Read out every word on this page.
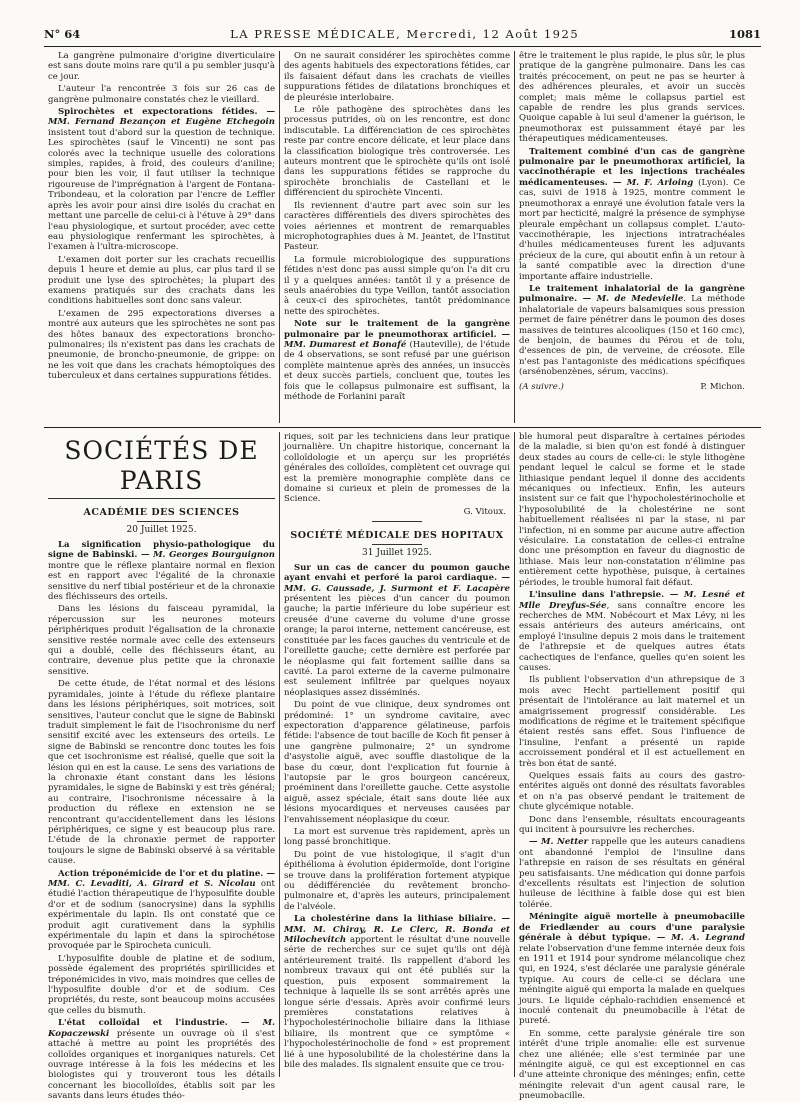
N° 64	LA PRESSE MÉDICALE, Mercredi, 12 Août 1925	1081

La gangrène pulmonaire d'origine diverticulaire est sans doute moins rare qu'il a pu sembler jusqu'à ce jour.

L'auteur l'a rencontrée 3 fois sur 26 cas de gangrène pulmonaire constatés chez le vieillard.

Spirochètes et expectorations fétides. — MM. Fernand Bezançon et Eugène Etchegoin insistent tout d'abord sur la question de technique. Les spirochètes (sauf le Vincenti) ne sont pas colorés avec la technique usuelle des colorations simples, rapides, à froid, des couleurs d'aniline; pour bien les voir, il faut utiliser la technique rigoureuse de l'imprégnation à l'argent de Fontana-Tribondeau, et la coloration par l'encre de Leffler après les avoir pour ainsi dire isolés du crachat en mettant une parcelle de celui-ci à l'étuve à 29° dans l'eau physiologique, et surtout procéder, avec cette eau physiologique renfermant les spirochètes, à l'examen à l'ultra-microscope.

L'examen doit porter sur les crachats recueillis depuis 1 heure et demie au plus, car plus tard il se produit une lyse des spirochètes; la plupart des examens pratiqués sur des crachats dans les conditions habituelles sont donc sans valeur.

L'examen de 295 expectorations diverses a montré aux auteurs que les spirochètes ne sont pas des hôtes banaux des expectorations broncho-pulmonaires; ils n'existent pas dans les crachats de pneumonie, de broncho-pneumonie, de grippe: on ne les voit que dans les crachats hémoptoïques des tuberculeux et dans certaines suppurations fétides.

On ne saurait considérer les spirochètes comme des agents habituels des expectorations fétides, car ils faisaient défaut dans les crachats de vieilles suppurations fétides de dilatations bronchiques et de pleurésie interlobaire.

Le rôle pathogène des spirochètes dans les processus putrides, où on les rencontre, est donc indiscutable. La différenciation de ces spirochètes reste par contre encore délicate, et leur place dans la classification biologique très controversée. Les auteurs montrent que le spirochète qu'ils ont isolé dans les suppurations fétides se rapproche du spirochète bronchialis de Castellani et le différencient du spirochète Vincenti.

Ils reviennent d'autre part avec soin sur les caractères différentiels des divers spirochètes des voies aériennes et montrent de remarquables microphotographies dues à M. Jeantet, de l'Institut Pasteur.

La formule microbiologique des suppurations fétides n'est donc pas aussi simple qu'on l'a dit cru il y a quelques années: tantôt il y a présence de seuls anaérobies du type Veillon, tantôt association à ceux-ci des spirochètes, tantôt prédominance nette des spirochètes.

Note sur le traitement de la gangrène pulmonaire par le pneumothorax artificiel. — MM. Dumarest et Bonafé (Hauteville), de l'étude de 4 observations, se sont refusé par une guérison complète maintenue après des années, un insuccès et deux succès partiels, concluent que, toutes les fois que le collapsus pulmonaire est suffisant, la méthode de Forlanini paraît

être le traitement le plus rapide, le plus sûr, le plus pratique de la gangrène pulmonaire. Dans les cas traités précocement, on peut ne pas se heurter à des adhérences pleurales, et avoir un succès complet; mais même le collapsus partiel est capable de rendre les plus grands services. Quoique capable à lui seul d'amener la guérison, le pneumothorax est puissamment étayé par les thérapeutiques médicamenteuses.

Traitement combiné d'un cas de gangrène pulmonaire par le pneumothorax artificiel, la vaccinothérapie et les injections trachéales médicamenteuses. — M. F. Arloing (Lyon). Ce cas, suivi de 1918 à 1925, montre comment le pneumothorax a enrayé une évolution fatale vers la mort par hecticité, malgré la présence de symphyse pleurale empêchant un collapsus complet. L'auto-vaccinothérapie, les injections intratrachéales d'huiles médicamenteuses furent les adjuvants précieux de la cure, qui aboutit enfin à un retour à la santé compatible avec la direction d'une importante affaire industrielle.

Le traitement inhalatorial de la gangrène pulmonaire. — M. de Medevielle. La méthode inhalatoriale de vapeurs balsamiques sous pression permet de faire pénétrer dans le poumon des doses massives de teintures alcooliques (150 et 160 cmc), de benjoin, de baumes du Pérou et de tolu, d'essences de pin, de verveine, de créosote. Elle n'est pas l'antagoniste des médications spécifiques (arsénobenzènes, sérum, vaccins).

(A suivre.)	P. Michon.
SOCIÉTÉS DE PARIS
ACADÉMIE DES SCIENCES
20 Juillet 1925.

La signification physio-pathologique du signe de Babinski. — M. Georges Bourguignon montre que le réflexe plantaire normal en flexion est en rapport avec l'égalité de la chronaxie sensitive du nerf tibial postérieur et de la chronaxie des fléchisseurs des orteils.

Dans les lésions du faisceau pyramidal, la répercussion sur les neurones moteurs périphériques produit l'égalisation de la chronaxie sensitive restée normale avec celle des extenseurs qui a doublé, celle des fléchisseurs étant, au contraire, devenue plus petite que la chronaxie sensitive.

De cette étude, de l'état normal et des lésions pyramidales, jointe à l'étude du réflexe plantaire dans les lésions périphériques, soit motrices, soit sensitives, l'auteur conclut que le signe de Babinski traduit simplement le fait de l'isochronisme du nerf sensitif excité avec les extenseurs des orteils. Le signe de Babinski se rencontre donc toutes les fois que cet isochronisme est réalisé, quelle que soit la lésion qui en est la cause. Le sens des variations de la chronaxie étant constant dans les lésions pyramidales, le signe de Babinski y est très général; au contraire, l'isochronisme nécessaire à la production du réflexe en extension ne se rencontrant qu'accidentellement dans les lésions périphériques, ce signe y est beaucoup plus rare. L'étude de la chronaxie permet de rapporter toujours le signe de Babinski observé à sa véritable cause.

Action tréponémicide de l'or et du platine. — MM. C. Levaditi, A. Girard et S. Nicolau ont étudié l'action thérapeutique de l'hyposulfite double d'or et de sodium (sanocrysine) dans la syphilis expérimentale du lapin. Ils ont constaté que ce produit agit curativement dans la syphilis expérimentale du lapin et dans la spirochétose provoquée par le Spirocheta cuniculi.

L'hyposulfite double de platine et de sodium, possède également des propriétés spirillicides et tréponémicides in vivo, mais moindres que celles de l'hyposulfite double d'or et de sodium. Ces propriétés, du reste, sont beaucoup moins accusées que celles du bismuth.

L'état colloïdal et l'industrie. — M. Kopaczewski présente un ouvrage où il s'est attaché à mettre au point les propriétés des colloïdes organiques et inorganiques naturels. Cet ouvrage intéresse à la fois les médecins et les biologistes qui y trouveront tous les détails concernant les biocolloïdes, établis soit par les savants dans leurs études théo-

riques, soit par les techniciens dans leur pratique journalière. Un chapitre historique, concernant la colloïdologie et un aperçu sur les propriétés générales des colloïdes, complètent cet ouvrage qui est la première monographie complète dans ce domaine si curieux et plein de promesses de la Science.

G. Vitoux.
SOCIÉTÉ MÉDICALE DES HOPITAUX
31 Juillet 1925.

Sur un cas de cancer du poumon gauche ayant envahi et perforé la paroi cardiaque. — MM. G. Caussade, J. Surmont et F. Lacapère présentent les pièces d'un cancer du poumon gauche; la partie inférieure du lobe supérieur est creusée d'une caverne du volume d'une grosse orange; la paroi interne, nettement cancéreuse, est constituée par les faces gauches du ventricule et de l'oreillette gauche; cette dernière est perforée par le néoplasme qui fait fortement saillie dans sa cavité. La paroi externe de la caverne pulmonaire est seulement infiltrée par quelques noyaux néoplasiques assez disséminés.

Du point de vue clinique, deux syndromes ont prédominé: 1° un syndrome cavitaire, avec expectoration d'apparence gélatineuse, parfois fétide: l'absence de tout bacille de Koch fit penser à une gangrène pulmonaire; 2° un syndrome d'asystolie aiguë, avec souffle diastolique de la base du cœur, dont l'explication fut fournie à l'autopsie par le gros bourgeon cancéreux, proéminent dans l'oreillette gauche. Cette asystolie aiguë, assez spéciale, était sans doute liée aux lésions myocardiques et nerveuses causées par l'envahissement néoplasique du cœur.

La mort est survenue très rapidement, après un long passé bronchitique.

Du point de vue histologique, il s'agit d'un épithélioma à évolution épidermoïde, dont l'origine se trouve dans la prolifération fortement atypique ou dédifférenciée du revêtement broncho-pulmonaire et, d'après les auteurs, principalement de l'alvéole.

La cholestérine dans la lithiase biliaire. — MM. M. Chiray, R. Le Clerc, R. Bonda et Milochevitch apportent le résultat d'une nouvelle série de recherches sur ce sujet qu'ils ont déjà antérieurement traité. Ils rappellent d'abord les nombreux travaux qui ont été publiés sur la question, puis exposent sommairement la technique à laquelle ils se sont arrêtés après une longue série d'essais. Après avoir confirmé leurs premières constatations relatives à l'hypocholestérinocholie biliaire dans la lithiase biliaire, ils montrent que ce symptôme « l'hypocholestérinocholie de fond » est proprement lié à une hyposolubilité de la cholestérine dans la bile des malades. Ils signalent ensuite que ce trou-

ble humoral peut disparaître à certaines périodes de la maladie, si bien qu'on est fondé à distinguer deux stades au cours de celle-ci: le style lithogène pendant lequel le calcul se forme et le stade lithiasique pendant lequel il donne des accidents mécaniques ou infectieux. Enfin, les auteurs insistent sur ce fait que l'hypocholestérinocholie et l'hyposolubilité de la cholestérine ne sont habituellement réalisées ni par la stase, ni par l'infection, ni en somme par aucune autre affection vésiculaire. La constatation de celles-ci entraîne donc une présomption en faveur du diagnostic de lithiase. Mais leur non-constatation n'élimine pas entièrement cette hypothèse, puisque, à certaines périodes, le trouble humoral fait défaut.

L'insuline dans l'athrepsie. — M. Lesné et Mlle Dreyfus-Sée, sans connaître encore les recherches de MM. Nobécourt et Max Lévy, ni les essais antérieurs des auteurs américains, ont employé l'insuline depuis 2 mois dans le traitement de l'athrepsie et de quelques autres états cachectiques de l'enfance, quelles qu'en soient les causes.

Ils publient l'observation d'un athrepsique de 3 mois avec Hecht partiellement positif qui présentait de l'intolérance au lait maternel et un amaigrissement progressif considérable. Les modifications de régime et le traitement spécifique étaient restés sans effet. Sous l'influence de l'insuline, l'enfant a présenté un rapide accroissement pondéral et il est actuellement en très bon état de santé.

Quelques essais faits au cours des gastro-entérites aiguës ont donné des résultats favorables et on n'a pas observé pendant le traitement de chute glycémique notable.

Donc dans l'ensemble, résultats encourageants qui incitent à poursuivre les recherches.

— M. Netter rappelle que les auteurs canadiens ont abandonné l'emploi de l'insuline dans l'athrepsie en raison de ses résultats en général peu satisfaisants. Une médication qui donne parfois d'excellents résultats est l'injection de solution huileuse de lécithine à faible dose qui est bien tolérée.

Méningite aiguë mortelle à pneumobacille de Friedlænder au cours d'une paralysie générale à début typique. — M. A. Legrand relate l'observation d'une femme internée deux fois en 1911 et 1914 pour syndrome mélancolique chez qui, en 1924, s'est déclarée une paralysie générale typique. Au cours de celle-ci se déclara une méningite aiguë qui emporta la malade en quelques jours. Le liquide céphalo-rachidien ensemencé et inoculé contenait du pneumobacille à l'état de pureté.

En somme, cette paralysie générale tire son intérêt d'une triple anomalie: elle est survenue chez une aliénée; elle s'est terminée par une méningite aiguë, ce qui est exceptionnel en cas d'une atteinte chronique des méninges; enfin, cette méningite relevait d'un agent causal rare, le pneumobacille.
